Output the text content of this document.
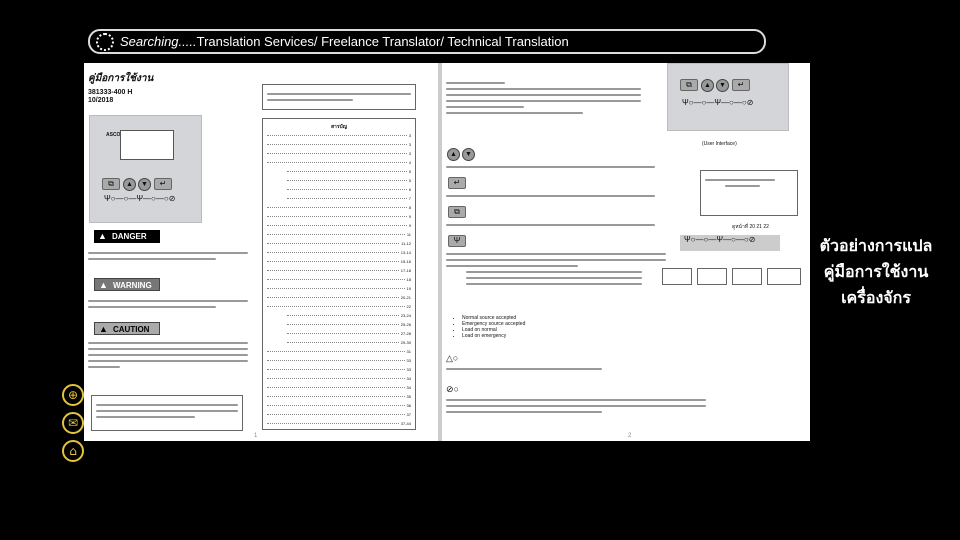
Searching..... Translation Services/ Freelance Translator/ Technical Translation
คู่มือการใช้งาน
381333-400 H
10/2018
ASCO
⧉ ▲ ▼ ↵
Ψ○—○—Ψ—○—○⊘
▲ DANGER
▲ WARNING
▲ CAUTION
สารบัญ
3
3
3
4
5
5
6
7
8
9
9
11
11-12
13-14
15-16
17-18
18
19
20-21
22
23-24
25-26
27-28
29-30
31
33
33
34
34
35
36
37
37-44
1
⧉ ▲ ▼ ↵
Ψ○—○—Ψ—○—○⊘
(User Interface)
▲ ▼
↵
⧉
Ψ
• Normal source accepted
• Emergency source accepted
• Load on normal
• Load on emergency
△○

⊘○
ดูหน้าที่ 20 21 22
Ψ○—○—Ψ—○—○⊘
2
ตัวอย่างการแปล
คู่มือการใช้งาน
เครื่องจักร
⊕
✉
⌂
